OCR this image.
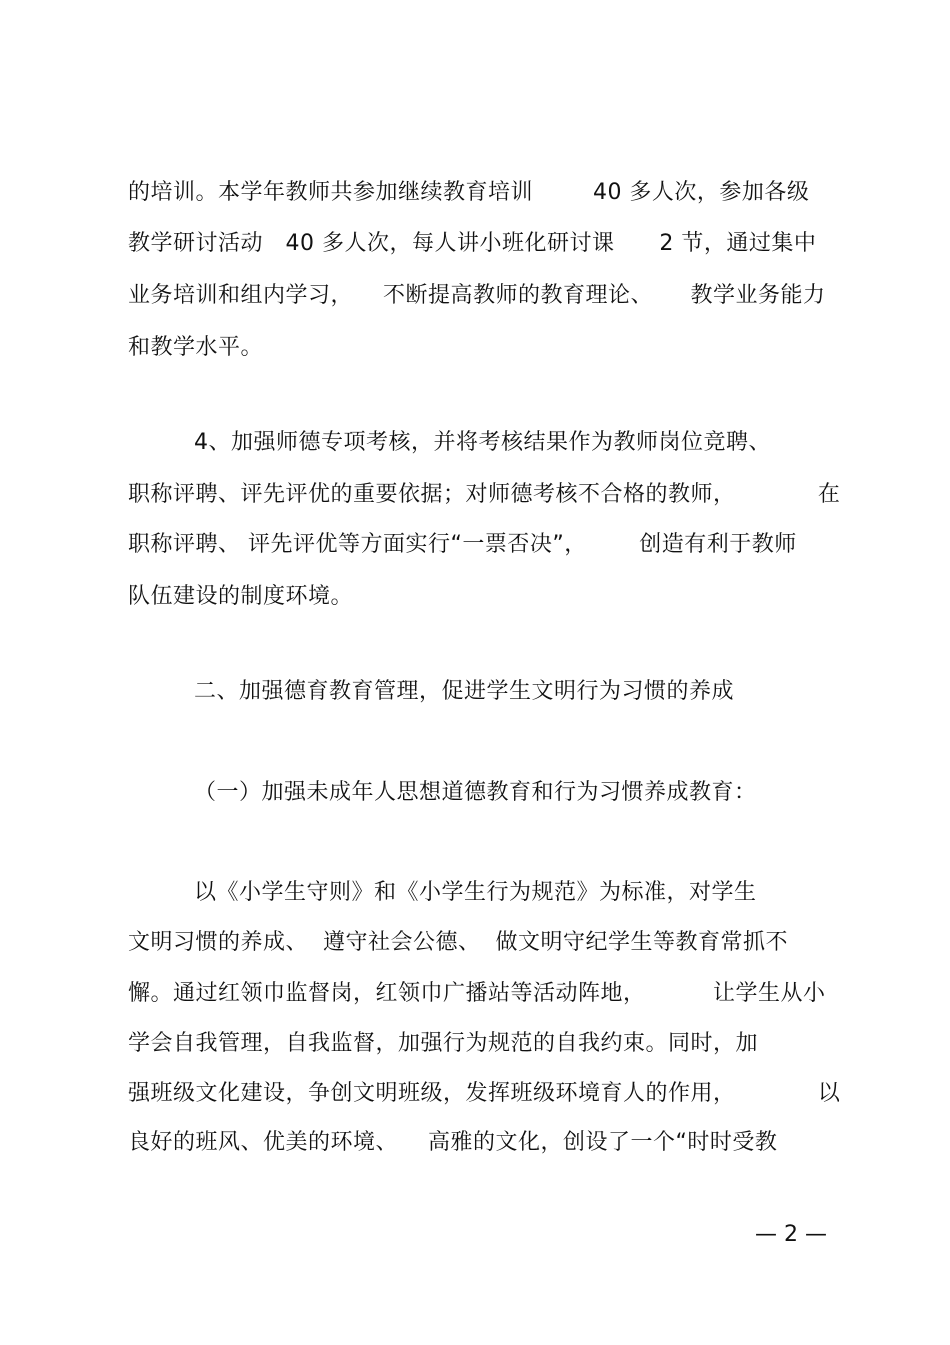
的培训。本学年教师共参加继续教育培训        40 多人次，参加各级
教学研讨活动   40 多人次，每人讲小班化研讨课      2 节，通过集中
业务培训和组内学习，    不断提高教师的教育理论、     教学业务能力
和教学水平。
4、加强师德专项考核，并将考核结果作为教师岗位竞聘、
职称评聘、评先评优的重要依据；对师德考核不合格的教师，           在
职称评聘、 评先评优等方面实行“一票否决”，       创造有利于教师
队伍建设的制度环境。
二、加强德育教育管理，促进学生文明行为习惯的养成
（一）加强未成年人思想道德教育和行为习惯养成教育：
以《小学生守则》和《小学生行为规范》为标准，对学生
文明习惯的养成、  遵守社会公德、  做文明守纪学生等教育常抓不
懈。通过红领巾监督岗，红领巾广播站等活动阵地，         让学生从小
学会自我管理，自我监督，加强行为规范的自我约束。同时，加
强班级文化建设，争创文明班级，发挥班级环境育人的作用，           以
良好的班风、优美的环境、    高雅的文化，创设了一个“时时受教
— 2 —
